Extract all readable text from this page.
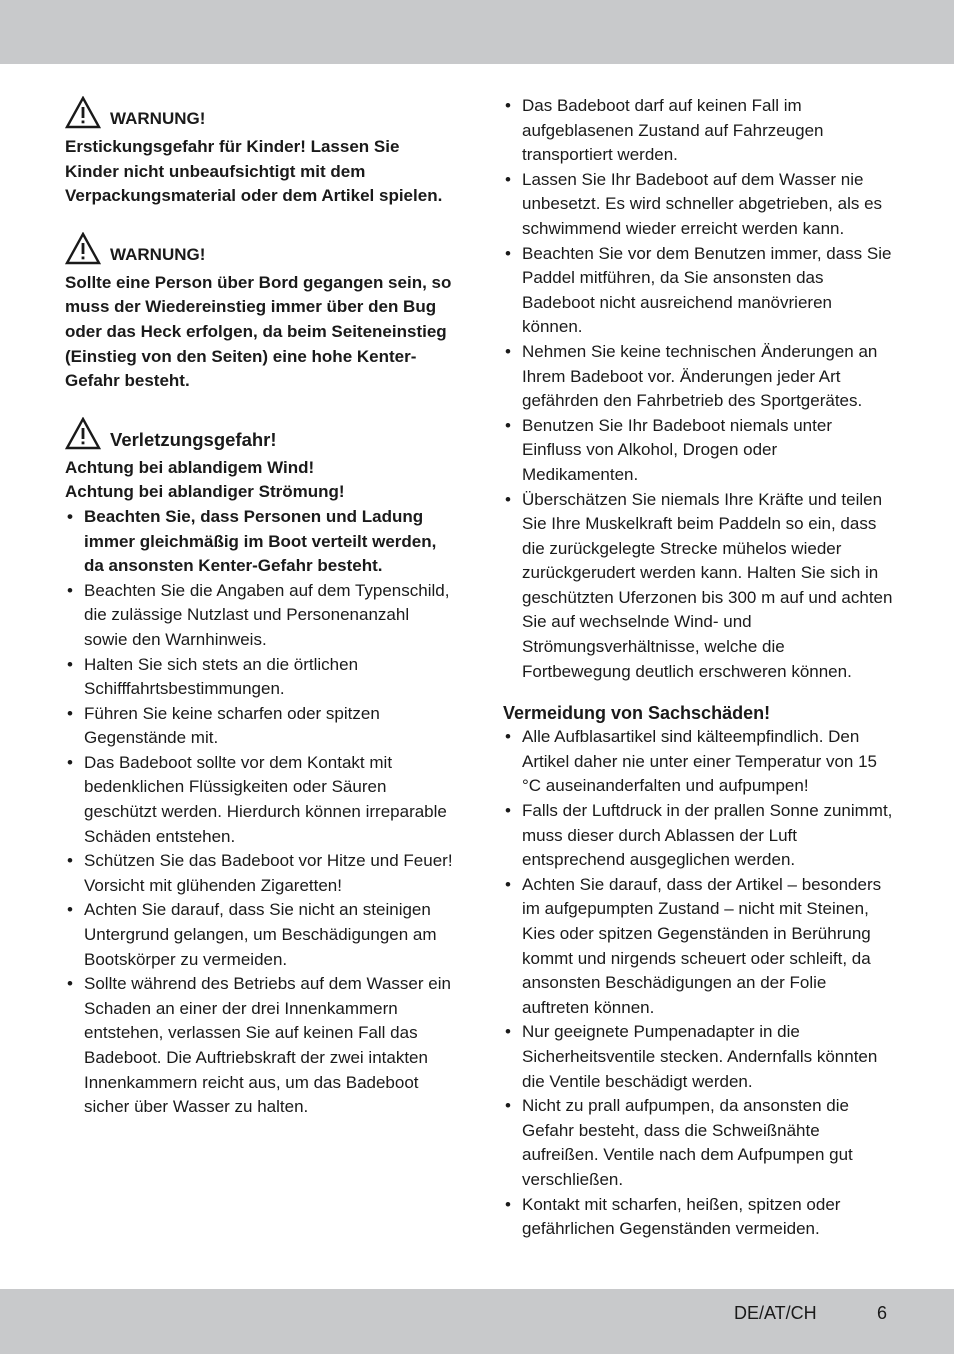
WARNUNG!

Erstickungsgefahr für Kinder! Lassen Sie Kinder nicht unbeaufsichtigt mit dem Verpackungsmaterial oder dem Artikel spielen.

WARNUNG!

Sollte eine Person über Bord gegangen sein, so muss der Wiedereinstieg immer über den Bug oder das Heck erfolgen, da beim Seiteneinstieg (Einstieg von den Seiten) eine hohe Kenter-Gefahr besteht.

Verletzungsgefahr!

Achtung bei ablandigem Wind!

Achtung bei ablandiger Strömung!

• Beachten Sie, dass Personen und Ladung immer gleichmäßig im Boot verteilt werden, da ansonsten Kenter-Gefahr besteht.
• Beachten Sie die Angaben auf dem Typenschild, die zulässige Nutzlast und Personenanzahl sowie den Warnhinweis.
• Halten Sie sich stets an die örtlichen Schifffahrtsbestimmungen.
• Führen Sie keine scharfen oder spitzen Gegenstände mit.
• Das Badeboot sollte vor dem Kontakt mit bedenklichen Flüssigkeiten oder Säuren geschützt werden. Hierdurch können irreparable Schäden entstehen.
• Schützen Sie das Badeboot vor Hitze und Feuer! Vorsicht mit glühenden Zigaretten!
• Achten Sie darauf, dass Sie nicht an steinigen Untergrund gelangen, um Beschädigungen am Bootskörper zu vermeiden.
• Sollte während des Betriebs auf dem Wasser ein Schaden an einer der drei Innenkammern entstehen, verlassen Sie auf keinen Fall das Badeboot. Die Auftriebskraft der zwei intakten Innenkammern reicht aus, um das Badeboot sicher über Wasser zu halten.
• Das Badeboot darf auf keinen Fall im aufgeblasenen Zustand auf Fahrzeugen transportiert werden.
• Lassen Sie Ihr Badeboot auf dem Wasser nie unbesetzt. Es wird schneller abgetrieben, als es schwimmend wieder erreicht werden kann.
• Beachten Sie vor dem Benutzen immer, dass Sie Paddel mitführen, da Sie ansonsten das Badeboot nicht ausreichend manövrieren können.
• Nehmen Sie keine technischen Änderungen an Ihrem Badeboot vor. Änderungen jeder Art gefährden den Fahrbetrieb des Sportgerätes.
• Benutzen Sie Ihr Badeboot niemals unter Einfluss von Alkohol, Drogen oder Medikamenten.
• Überschätzen Sie niemals Ihre Kräfte und teilen Sie Ihre Muskelkraft beim Paddeln so ein, dass die zurückgelegte Strecke mühelos wieder zurückgerudert werden kann. Halten Sie sich in geschützten Uferzonen bis 300 m auf und achten Sie auf wechselnde Wind- und Strömungsverhältnisse, welche die Fortbewegung deutlich erschweren können.

Vermeidung von Sachschäden!

• Alle Aufblasartikel sind kälteempfindlich. Den Artikel daher nie unter einer Temperatur von 15 °C auseinanderfalten und aufpumpen!
• Falls der Luftdruck in der prallen Sonne zunimmt, muss dieser durch Ablassen der Luft entsprechend ausgeglichen werden.
• Achten Sie darauf, dass der Artikel – besonders im aufgepumpten Zustand – nicht mit Steinen, Kies oder spitzen Gegenständen in Berührung kommt und nirgends scheuert oder schleift, da ansonsten Beschädigungen an der Folie auftreten können.
• Nur geeignete Pumpenadapter in die Sicherheitsventile stecken. Andernfalls könnten die Ventile beschädigt werden.
• Nicht zu prall aufpumpen, da ansonsten die Gefahr besteht, dass die Schweißnähte aufreißen. Ventile nach dem Aufpumpen gut verschließen.
• Kontakt mit scharfen, heißen, spitzen oder gefährlichen Gegenständen vermeiden.
DE/AT/CH	6
